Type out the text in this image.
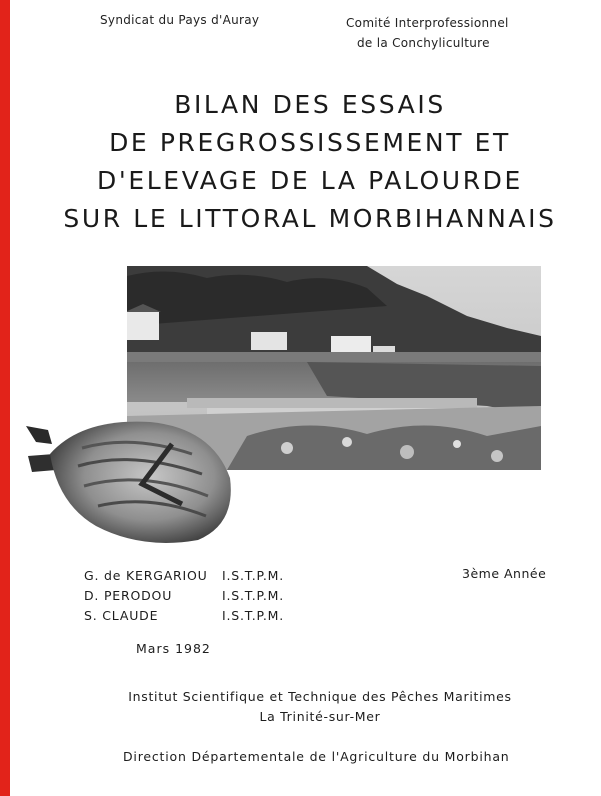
Syndicat du Pays d'Auray	Comité Interprofessionnel
de la Conchyliculture
BILAN DES ESSAIS
DE PREGROSSISSEMENT ET
D'ELEVAGE DE LA PALOURDE
SUR LE LITTORAL MORBIHANNAIS
G. de KERGARIOU I.S.T.P.M.
D. PERODOU	I.S.T.P.M.
S. CLAUDE	I.S.T.P.M.
3ème Année
Mars 1982
Institut Scientifique et Technique des Pêches Maritimes
La Trinité-sur-Mer
Direction Départementale de l'Agriculture du Morbihan
